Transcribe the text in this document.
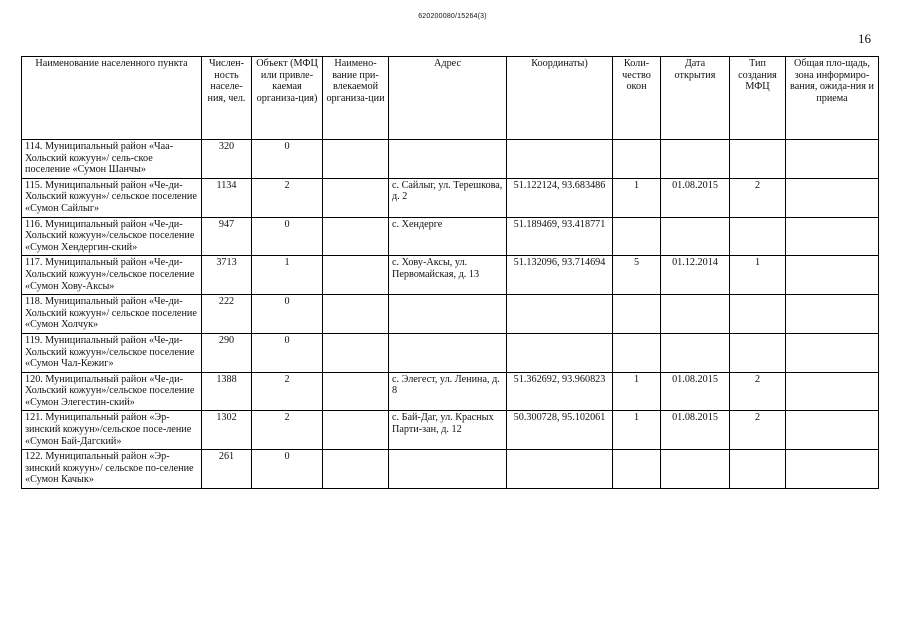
620200080/15264(3)
16
Наименование населенного пункта	Числен-ность населе-ния, чел.	Объект (МФЦ или привле-каемая организа-ция)	Наимено-вание при-влекаемой организа-ции	Адрес	Координаты)	Коли-чество окон	Дата открытия	Тип создания МФЦ	Общая пло-щадь, зона информиро-вания, ожида-ния и приема
114. Муниципальный район «Чаа-Хольский кожуун»/ сель-ское поселение «Сумон Шанчы»	320	0							
115. Муниципальный район «Че-ди-Хольский кожуун»/ сельское поселение «Сумон Сайлыг»	1134	2		с. Сайлыг, ул. Терешкова, д. 2	51.122124, 93.683486	1	01.08.2015	2	
116. Муниципальный район «Че-ди-Хольский кожуун»/сельское поселение «Сумон Хендергин-ский»	947	0		с. Хендерге	51.189469, 93.418771				
117. Муниципальный район «Че-ди-Хольский кожуун»/сельское поселение «Сумон Хову-Аксы»	3713	1		с. Хову-Аксы, ул. Первомайская, д. 13	51.132096, 93.714694	5	01.12.2014	1	
118. Муниципальный район «Че-ди-Хольский кожуун»/ сельское поселение «Сумон Холчук»	222	0							
119. Муниципальный район «Че-ди-Хольский кожуун»/сельское поселение «Сумон Чал-Кежиг»	290	0							
120. Муниципальный район «Че-ди-Хольский кожуун»/сельское поселение «Сумон Элегестин-ский»	1388	2		с. Элегест, ул. Ленина, д. 8	51.362692, 93.960823	1	01.08.2015	2	
121. Муниципальный район «Эр-зинский кожуун»/сельское посе-ление «Сумон Бай-Дагский»	1302	2		с. Бай-Даг, ул. Красных Парти-зан, д. 12	50.300728, 95.102061	1	01.08.2015	2	
122. Муниципальный район «Эр-зинский кожуун»/ сельское по-селение «Сумон Качык»	261	0							
